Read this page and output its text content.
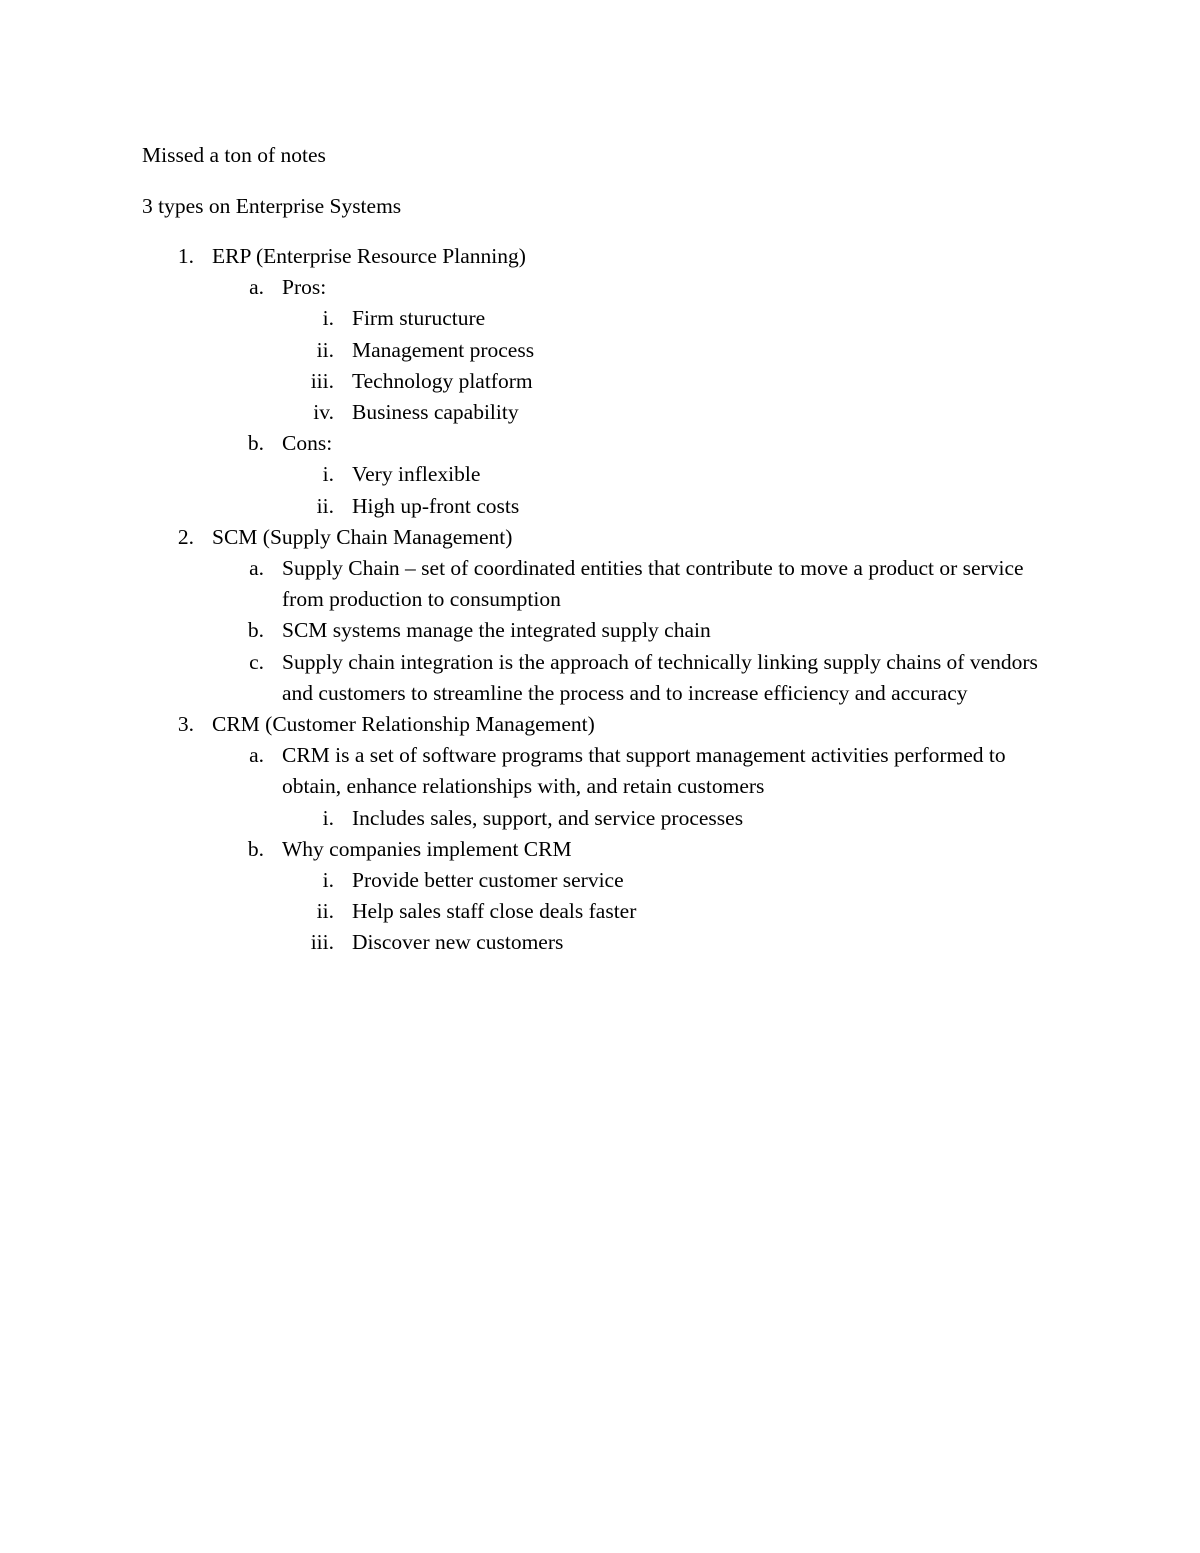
Missed a ton of notes
3 types on Enterprise Systems
1. ERP (Enterprise Resource Planning)
a. Pros:
i. Firm sturucture
ii. Management process
iii. Technology platform
iv. Business capability
b. Cons:
i. Very inflexible
ii. High up-front costs
2. SCM (Supply Chain Management)
a. Supply Chain – set of coordinated entities that contribute to move a product or service from production to consumption
b. SCM systems manage the integrated supply chain
c. Supply chain integration is the approach of technically linking supply chains of vendors and customers to streamline the process and to increase efficiency and accuracy
3. CRM (Customer Relationship Management)
a. CRM is a set of software programs that support management activities performed to obtain, enhance relationships with, and retain customers
i. Includes sales, support, and service processes
b. Why companies implement CRM
i. Provide better customer service
ii. Help sales staff close deals faster
iii. Discover new customers
